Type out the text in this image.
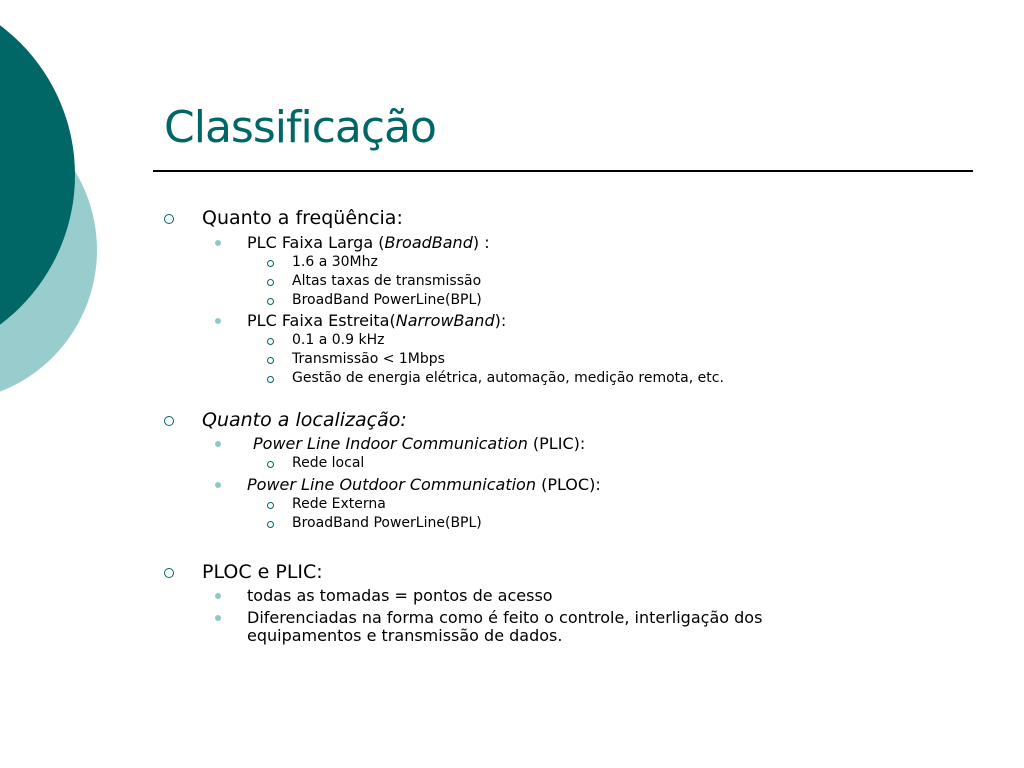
Classificação
Quanto a freqüência:
PLC Faixa Larga (BroadBand) :
1.6 a 30Mhz
Altas taxas de transmissão
BroadBand PowerLine(BPL)
PLC Faixa Estreita(NarrowBand):
0.1 a 0.9 kHz
Transmissão < 1Mbps
Gestão de energia elétrica, automação, medição remota, etc.
Quanto a localização:
Power Line Indoor Communication (PLIC):
Rede local
Power Line Outdoor Communication (PLOC):
Rede Externa
BroadBand PowerLine(BPL)
PLOC e PLIC:
todas as tomadas = pontos de acesso
Diferenciadas na forma como é feito o controle, interligação dos
equipamentos e transmissão de dados.
